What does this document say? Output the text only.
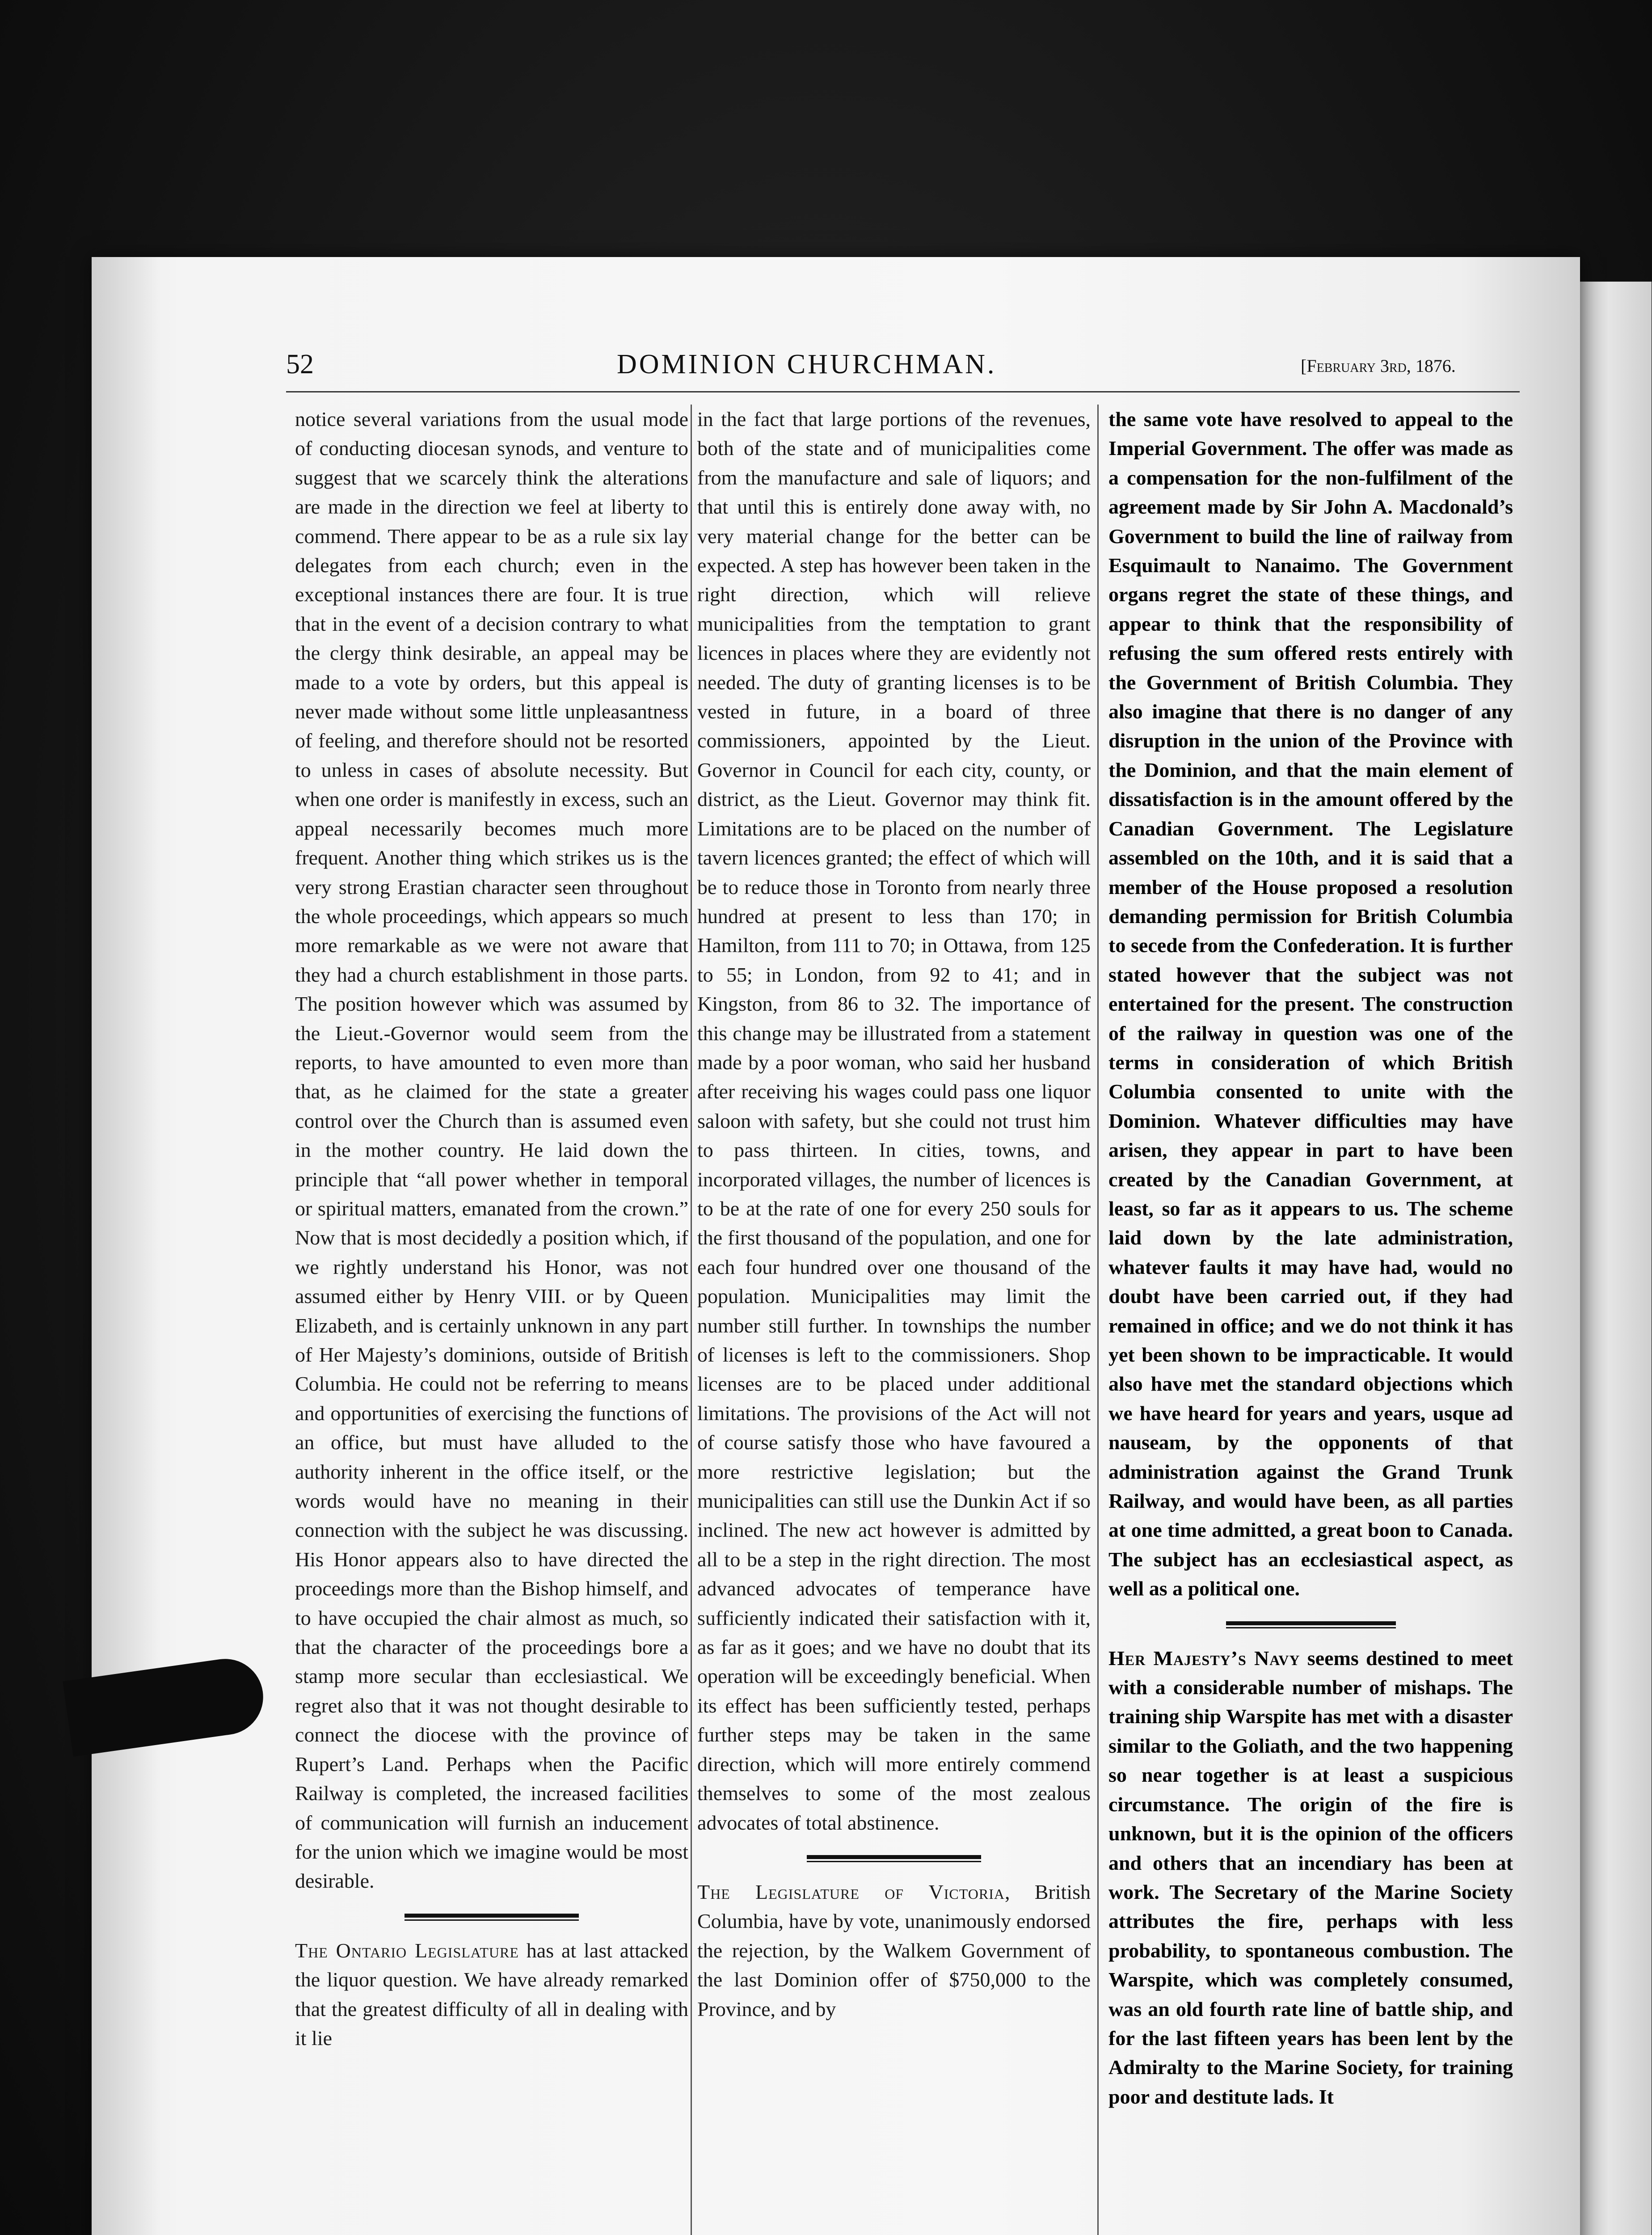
52	DOMINION CHURCHMAN.	[February 3rd, 1876.

notice several variations from the usual mode of conducting diocesan synods, and venture to suggest that we scarcely think the alterations are made in the direction we feel at liberty to commend. There appear to be as a rule six lay delegates from each church; even in the exceptional instances there are four. It is true that in the event of a decision contrary to what the clergy think desirable, an appeal may be made to a vote by orders, but this appeal is never made without some little unpleasantness of feeling, and therefore should not be resorted to unless in cases of absolute necessity. But when one order is manifestly in excess, such an appeal necessarily becomes much more frequent. Another thing which strikes us is the very strong Erastian character seen throughout the whole proceedings, which appears so much more remarkable as we were not aware that they had a church establishment in those parts. The position however which was assumed by the Lieut.-Governor would seem from the reports, to have amounted to even more than that, as he claimed for the state a greater control over the Church than is assumed even in the mother country. He laid down the principle that “all power whether in temporal or spiritual matters, emanated from the crown.” Now that is most decidedly a position which, if we rightly understand his Honor, was not assumed either by Henry VIII. or by Queen Elizabeth, and is certainly unknown in any part of Her Majesty’s dominions, outside of British Columbia. He could not be referring to means and opportunities of exercising the functions of an office, but must have alluded to the authority inherent in the office itself, or the words would have no meaning in their connection with the subject he was discussing. His Honor appears also to have directed the proceedings more than the Bishop himself, and to have occupied the chair almost as much, so that the character of the proceedings bore a stamp more secular than ecclesiastical. We regret also that it was not thought desirable to connect the diocese with the province of Rupert’s Land. Perhaps when the Pacific Railway is completed, the increased facilities of communication will furnish an inducement for the union which we imagine would be most desirable.

The Ontario Legislature has at last attacked the liquor question. We have already remarked that the greatest difficulty of all in dealing with it lie

in the fact that large portions of the revenues, both of the state and of municipalities come from the manufacture and sale of liquors; and that until this is entirely done away with, no very material change for the better can be expected. A step has however been taken in the right direction, which will relieve municipalities from the temptation to grant licences in places where they are evidently not needed. The duty of granting licenses is to be vested in future, in a board of three commissioners, appointed by the Lieut. Governor in Council for each city, county, or district, as the Lieut. Governor may think fit. Limitations are to be placed on the number of tavern licences granted; the effect of which will be to reduce those in Toronto from nearly three hundred at present to less than 170; in Hamilton, from 111 to 70; in Ottawa, from 125 to 55; in London, from 92 to 41; and in Kingston, from 86 to 32. The importance of this change may be illustrated from a statement made by a poor woman, who said her husband after receiving his wages could pass one liquor saloon with safety, but she could not trust him to pass thirteen. In cities, towns, and incorporated villages, the number of licences is to be at the rate of one for every 250 souls for the first thousand of the population, and one for each four hundred over one thousand of the population. Municipalities may limit the number still further. In townships the number of licenses is left to the commissioners. Shop licenses are to be placed under additional limitations. The provisions of the Act will not of course satisfy those who have favoured a more restrictive legislation; but the municipalities can still use the Dunkin Act if so inclined. The new act however is admitted by all to be a step in the right direction. The most advanced advocates of temperance have sufficiently indicated their satisfaction with it, as far as it goes; and we have no doubt that its operation will be exceedingly beneficial. When its effect has been sufficiently tested, perhaps further steps may be taken in the same direction, which will more entirely commend themselves to some of the most zealous advocates of total abstinence.

The Legislature of Victoria, British Columbia, have by vote, unanimously endorsed the rejection, by the Walkem Government of the last Dominion offer of $750,000 to the Province, and by

the same vote have resolved to appeal to the Imperial Government. The offer was made as a compensation for the non-fulfilment of the agreement made by Sir John A. Macdonald’s Government to build the line of railway from Esquimault to Nanaimo. The Government organs regret the state of these things, and appear to think that the responsibility of refusing the sum offered rests entirely with the Government of British Columbia. They also imagine that there is no danger of any disruption in the union of the Province with the Dominion, and that the main element of dissatisfaction is in the amount offered by the Canadian Government. The Legislature assembled on the 10th, and it is said that a member of the House proposed a resolution demanding permission for British Columbia to secede from the Confederation. It is further stated however that the subject was not entertained for the present. The construction of the railway in question was one of the terms in consideration of which British Columbia consented to unite with the Dominion. Whatever difficulties may have arisen, they appear in part to have been created by the Canadian Government, at least, so far as it appears to us. The scheme laid down by the late administration, whatever faults it may have had, would no doubt have been carried out, if they had remained in office; and we do not think it has yet been shown to be impracticable. It would also have met the standard objections which we have heard for years and years, usque ad nauseam, by the opponents of that administration against the Grand Trunk Railway, and would have been, as all parties at one time admitted, a great boon to Canada. The subject has an ecclesiastical aspect, as well as a political one.

Her Majesty’s Navy seems destined to meet with a considerable number of mishaps. The training ship Warspite has met with a disaster similar to the Goliath, and the two happening so near together is at least a suspicious circumstance. The origin of the fire is unknown, but it is the opinion of the officers and others that an incendiary has been at work. The Secretary of the Marine Society attributes the fire, perhaps with less probability, to spontaneous combustion. The Warspite, which was completely consumed, was an old fourth rate line of battle ship, and for the last fifteen years has been lent by the Admiralty to the Marine Society, for training poor and destitute lads. It
